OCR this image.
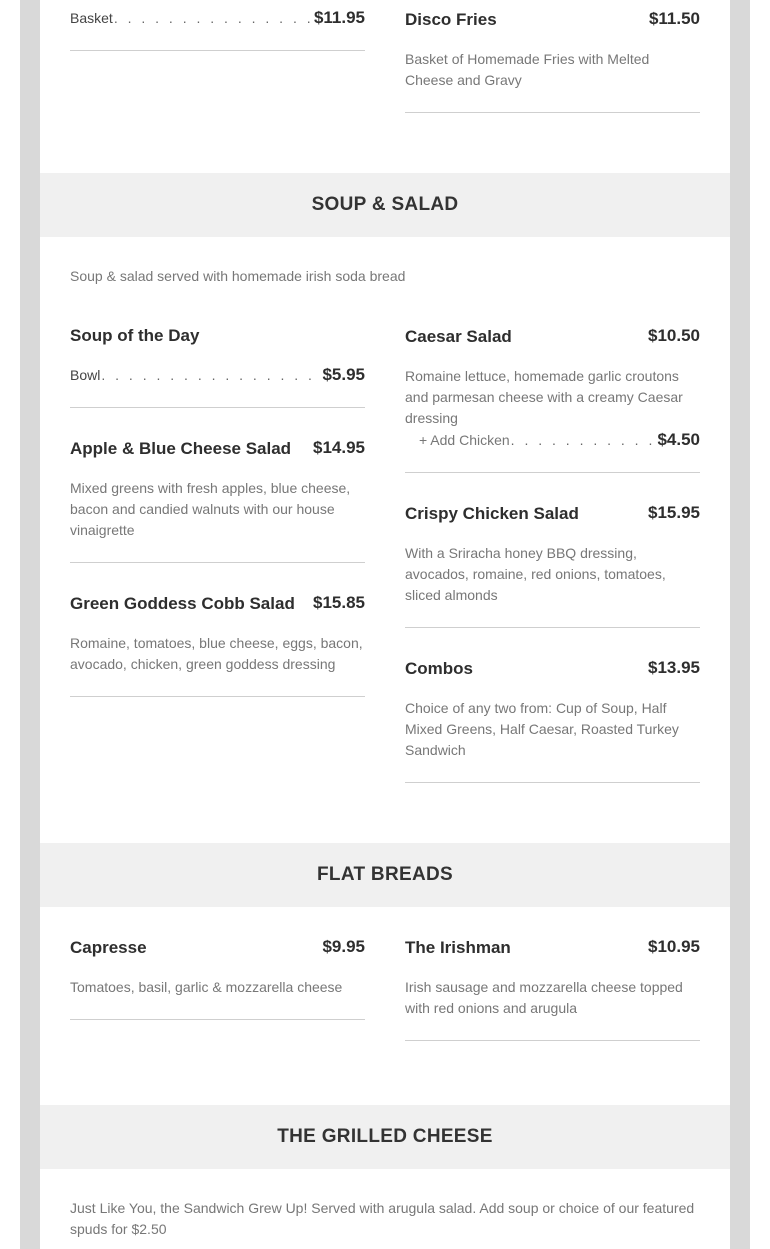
Basket . . .	$11.95 Disco Fries	$11.50
Basket of Homemade Fries with Melted Cheese and Gravy
SOUP & SALAD
Soup & salad served with homemade irish soda bread
Soup of the Day
Bowl . . .	$5.95
Apple & Blue Cheese Salad	$14.95
Mixed greens with fresh apples, blue cheese, bacon and candied walnuts with our house vinaigrette
Green Goddess Cobb Salad	$15.85
Romaine, tomatoes, blue cheese, eggs, bacon, avocado, chicken, green goddess dressing
Caesar Salad	$10.50
Romaine lettuce, homemade garlic croutons and parmesan cheese with a creamy Caesar dressing
+ Add Chicken . . .	$4.50
Crispy Chicken Salad	$15.95
With a Sriracha honey BBQ dressing, avocados, romaine, red onions, tomatoes, sliced almonds
Combos	$13.95
Choice of any two from: Cup of Soup, Half Mixed Greens, Half Caesar, Roasted Turkey Sandwich
FLAT BREADS
Capresse	$9.95
Tomatoes, basil, garlic & mozzarella cheese
The Irishman	$10.95
Irish sausage and mozzarella cheese topped with red onions and arugula
THE GRILLED CHEESE
Just Like You, the Sandwich Grew Up! Served with arugula salad. Add soup or choice of our featured spuds for $2.50
